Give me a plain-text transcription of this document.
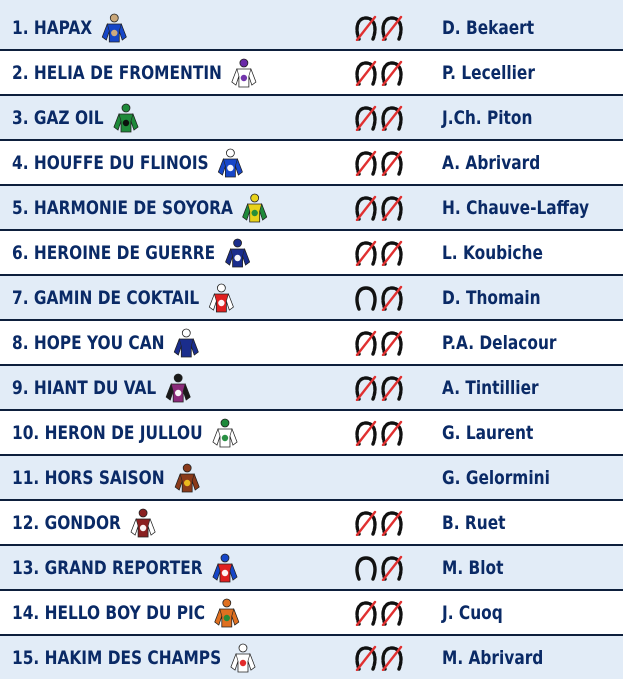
1. HAPAX	D. Bekaert
2. HELIA DE FROMENTIN	P. Lecellier
3. GAZ OIL	J.Ch. Piton
4. HOUFFE DU FLINOIS	A. Abrivard
5. HARMONIE DE SOYORA	H. Chauve-Laffay
6. HEROINE DE GUERRE	L. Koubiche
7. GAMIN DE COKTAIL	D. Thomain
8. HOPE YOU CAN	P.A. Delacour
9. HIANT DU VAL	A. Tintillier
10. HERON DE JULLOU	G. Laurent
11. HORS SAISON	G. Gelormini
12. GONDOR	B. Ruet
13. GRAND REPORTER	M. Blot
14. HELLO BOY DU PIC	J. Cuoq
15. HAKIM DES CHAMPS	M. Abrivard
